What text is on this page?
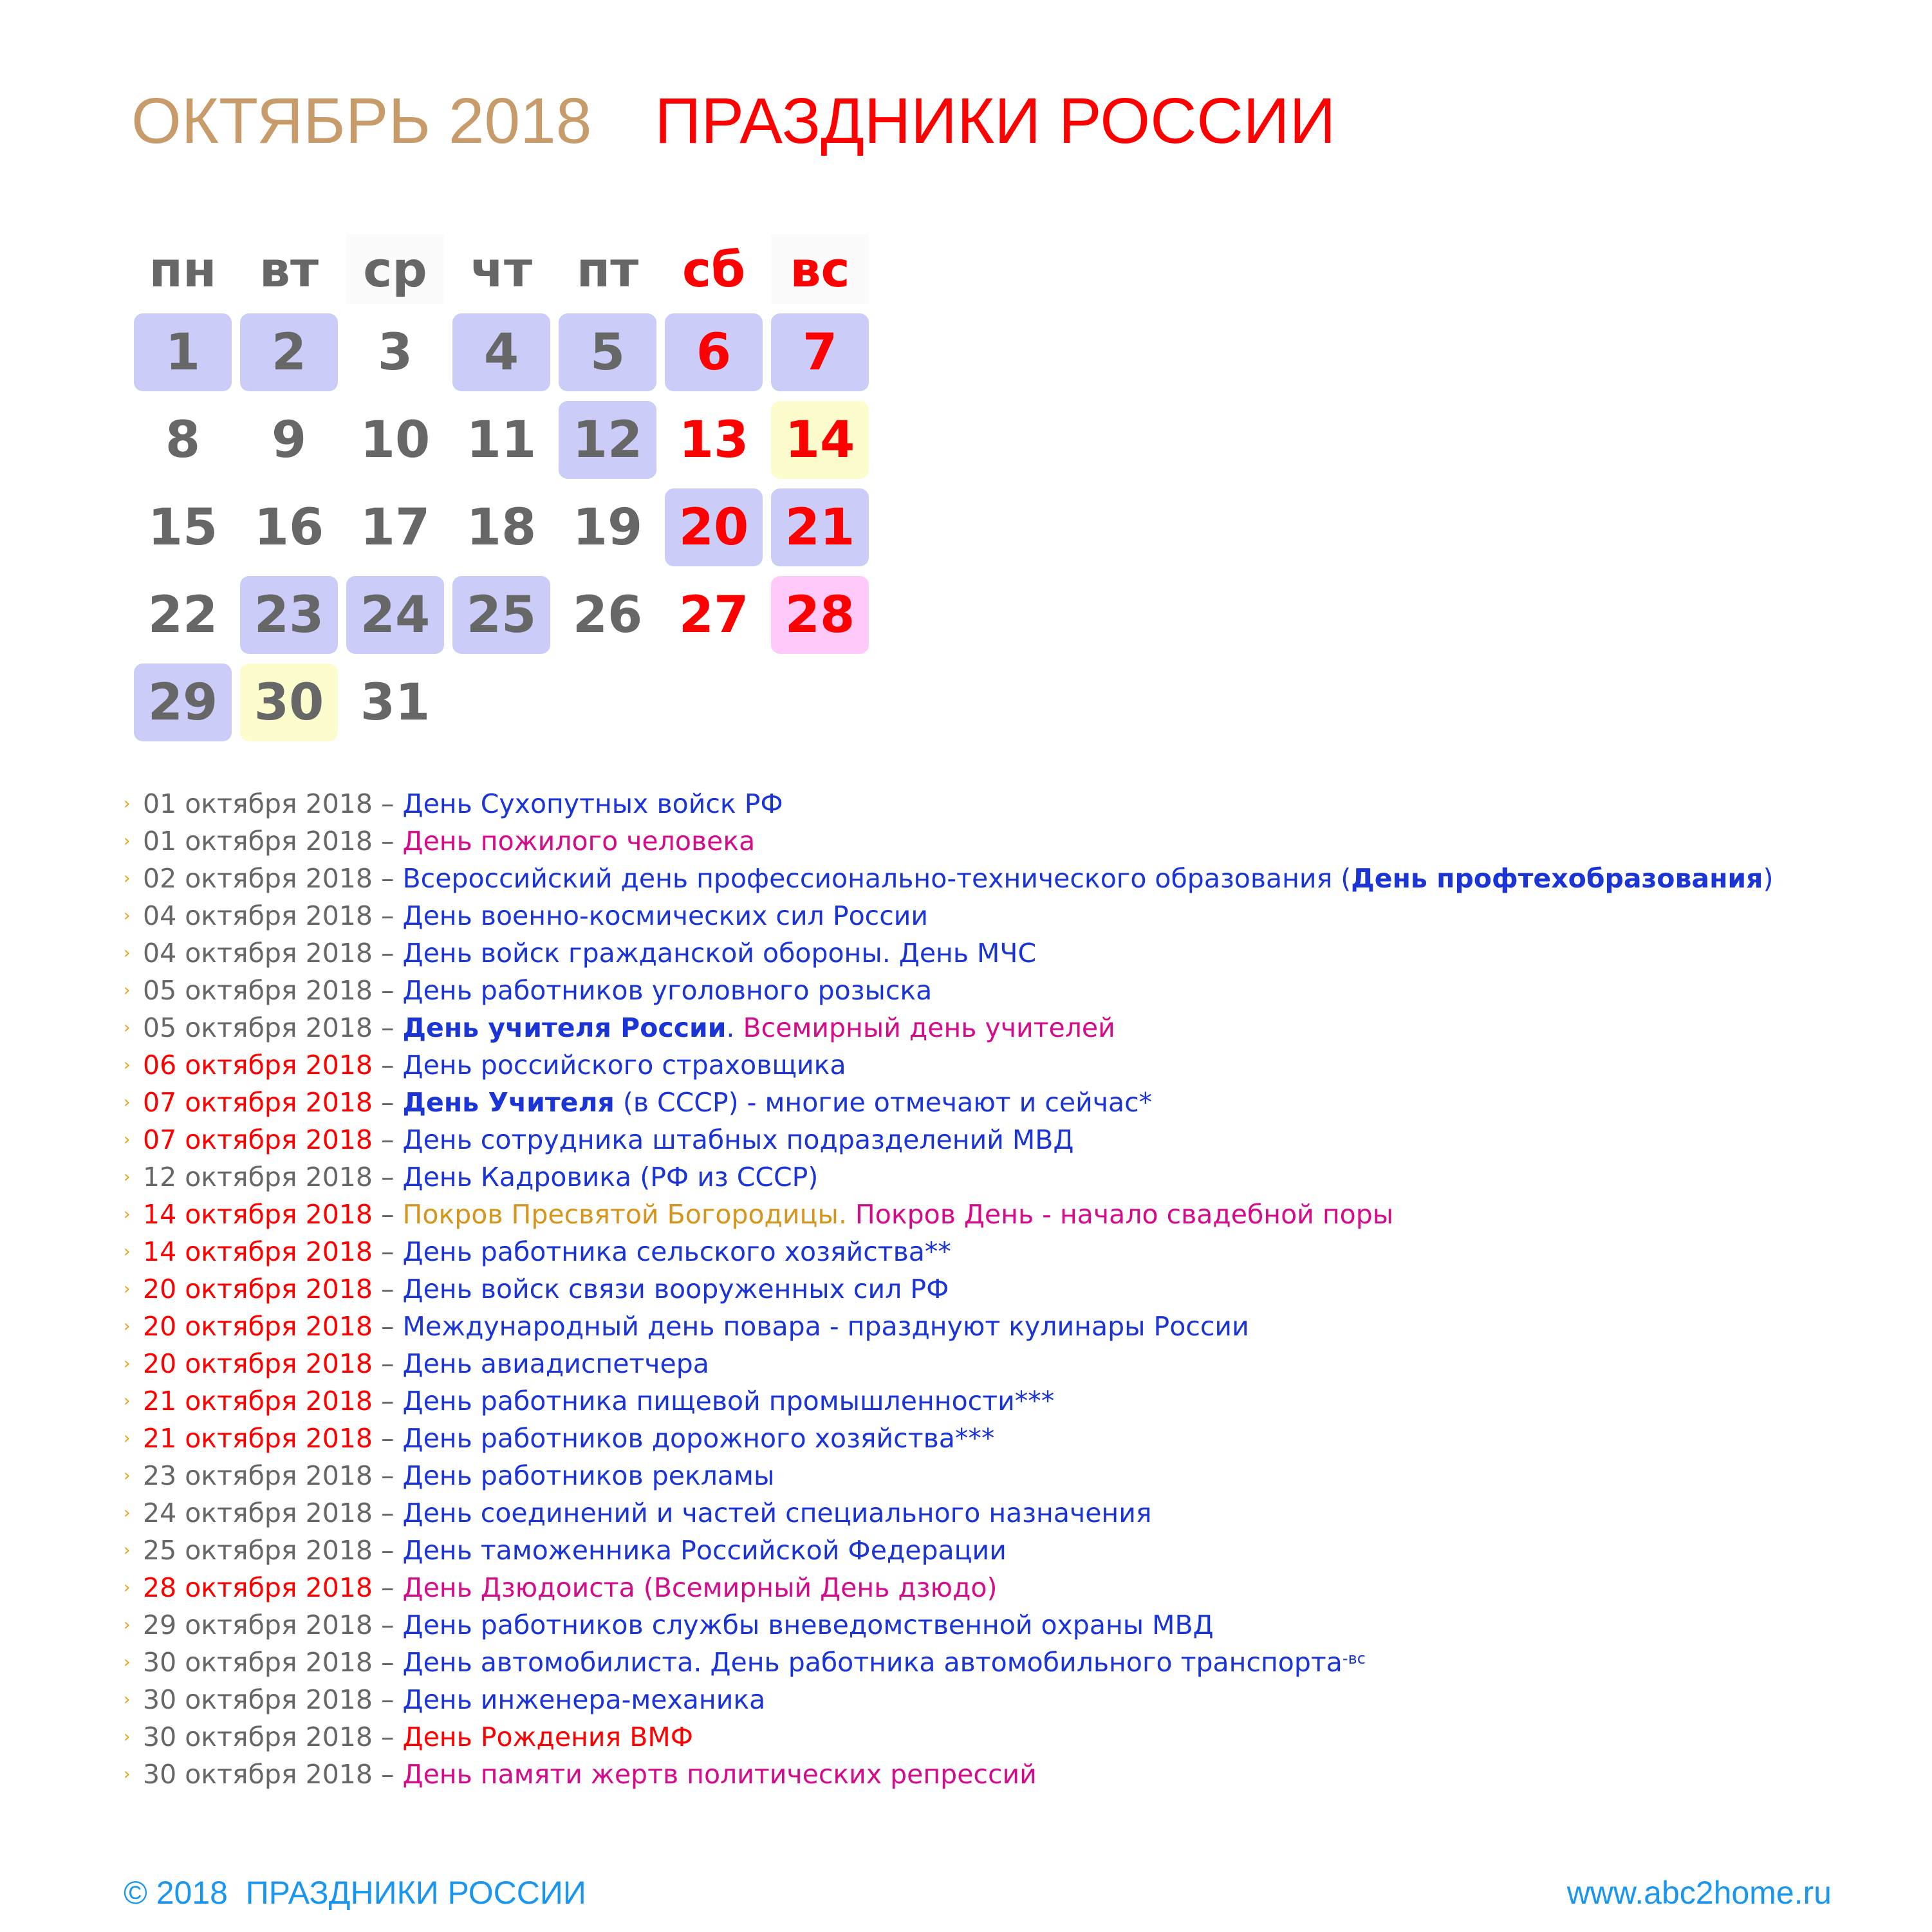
ОКТЯБРЬ 2018 ПРАЗДНИКИ РОССИИ
пн вт ср чт пт сб вс
1	2	3	4	5	6	7
8	9	10 11 12 13 14
15 16 17 18 19 20 21
22 23 24 25 26 27 28
29 30 31
› 01 октября 2018 – День Сухопутных войск РФ
› 01 октября 2018 – День пожилого человека
› 02 октября 2018 – Всероссийский день профессионально-технического образования (День профтехобразования)
› 04 октября 2018 – День военно-космических сил России
› 04 октября 2018 – День войск гражданской обороны. День МЧС
› 05 октября 2018 – День работников уголовного розыска
› 05 октября 2018 – День учителя России. Всемирный день учителей
› 06 октября 2018 – День российского страховщика
› 07 октября 2018 – День Учителя (в СССР) - многие отмечают и сейчас*
› 07 октября 2018 – День сотрудника штабных подразделений МВД
› 12 октября 2018 – День Кадровика (РФ из СССР)
› 14 октября 2018 – Покров Пресвятой Богородицы. Покров День - начало свадебной поры
› 14 октября 2018 – День работника сельского хозяйства**
› 20 октября 2018 – День войск связи вооруженных сил РФ
› 20 октября 2018 – Международный день повара - празднуют кулинары России
› 20 октября 2018 – День авиадиспетчера
› 21 октября 2018 – День работника пищевой промышленности***
› 21 октября 2018 – День работников дорожного хозяйства***
› 23 октября 2018 – День работников рекламы
› 24 октября 2018 – День соединений и частей специального назначения
› 25 октября 2018 – День таможенника Российской Федерации
› 28 октября 2018 – День Дзюдоиста (Всемирный День дзюдо)
› 29 октября 2018 – День работников службы вневедомственной охраны МВД
› 30 октября 2018 – День автомобилиста. День работника автомобильного транспорта$^{-вс}$
› 30 октября 2018 – День инженера-механика
› 30 октября 2018 – День Рождения ВМФ
› 30 октября 2018 – День памяти жертв политических репрессий
© 2018  ПРАЗДНИКИ РОССИИ	www.abc2home.ru
